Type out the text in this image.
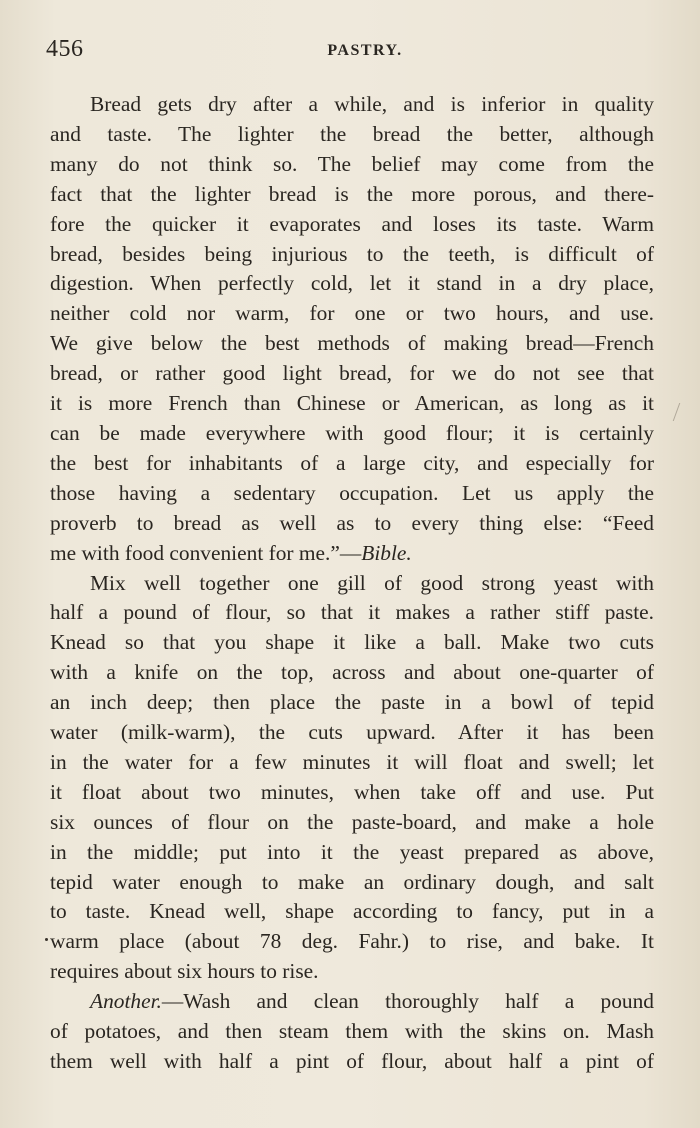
456	PASTRY.
Bread gets dry after a while, and is inferior in quality
and taste. The lighter the bread the better, although
many do not think so. The belief may come from the
fact that the lighter bread is the more porous, and there-
fore the quicker it evaporates and loses its taste. Warm
bread, besides being injurious to the teeth, is difficult of
digestion. When perfectly cold, let it stand in a dry place,
neither cold nor warm, for one or two hours, and use.
We give below the best methods of making bread—French
bread, or rather good light bread, for we do not see that
it is more French than Chinese or American, as long as it
can be made everywhere with good flour; it is certainly
the best for inhabitants of a large city, and especially for
those having a sedentary occupation. Let us apply the
proverb to bread as well as to every thing else: “Feed
me with food convenient for me.”—Bible.
Mix well together one gill of good strong yeast with
half a pound of flour, so that it makes a rather stiff paste.
Knead so that you shape it like a ball. Make two cuts
with a knife on the top, across and about one-quarter of
an inch deep; then place the paste in a bowl of tepid
water (milk-warm), the cuts upward. After it has been
in the water for a few minutes it will float and swell; let
it float about two minutes, when take off and use. Put
six ounces of flour on the paste-board, and make a hole
in the middle; put into it the yeast prepared as above,
tepid water enough to make an ordinary dough, and salt
to taste. Knead well, shape according to fancy, put in a
warm place (about 78 deg. Fahr.) to rise, and bake. It
requires about six hours to rise.
Another.—Wash and clean thoroughly half a pound
of potatoes, and then steam them with the skins on. Mash
them well with half a pint of flour, about half a pint of
